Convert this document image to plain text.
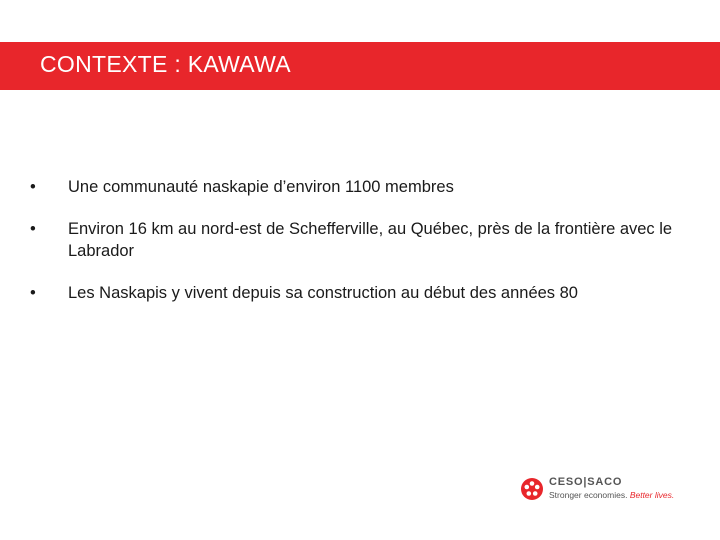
CONTEXTE : KAWAWA
• Une communauté naskapie d’environ 1100 membres
• Environ 16 km au nord-est de Schefferville, au Québec, près de la frontière avec le Labrador
• Les Naskapis y vivent depuis sa construction au début des années 80
CESO|SACO
Stronger economies. Better lives.
